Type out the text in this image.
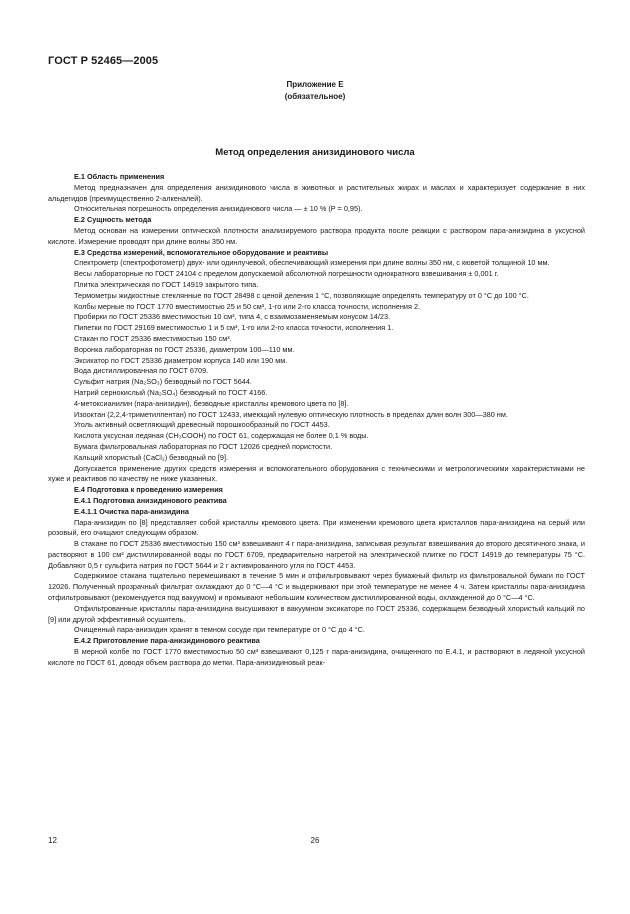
ГОСТ Р 52465—2005
Приложение Е
(обязательное)
Метод определения анизидинового числа

Е.1 Область применения

Метод предназначен для определения анизидинового числа в животных и растительных жирах и маслах и характеризует содержание в них альдегидов (преимущественно 2-алкеналей).

Относительная погрешность определения анизидинового числа — ± 10 % (P = 0,95).

Е.2 Сущность метода

Метод основан на измерении оптической плотности анализируемого раствора продукта после реакции с раствором пара-анизидина в уксусной кислоте. Измерение проводят при длине волны 350 нм.

Е.3 Средства измерений, вспомогательное оборудование и реактивы

Спектрометр (спектрофотометр) двух- или одинлучевой, обеспечивающий измерения при длине волны 350 нм, с кюветой толщиной 10 мм.

Весы лабораторные по ГОСТ 24104 с пределом допускаемой абсолютной погрешности однократного взвешивания ± 0,001 г.

Плитка электрическая по ГОСТ 14919 закрытого типа.

Термометры жидкостные стеклянные по ГОСТ 28498 с ценой деления 1 °С, позволяющие определять температуру от 0 °С до 100 °С.

Колбы мерные по ГОСТ 1770 вместимостью 25 и 50 см³, 1-го или 2-го класса точности, исполнения 2.

Пробирки по ГОСТ 25336 вместимостью 10 см³, типа 4, с взаимозаменяемым конусом 14/23.

Пипетки по ГОСТ 29169 вместимостью 1 и 5 см³, 1-го или 2-го класса точности, исполнения 1.

Стакан по ГОСТ 25336 вместимостью 150 см³.

Воронка лабораторная по ГОСТ 25336, диаметром 100—110 мм.

Эксикатор по ГОСТ 25336 диаметром корпуса 140 или 190 мм.

Вода дистиллированная по ГОСТ 6709.

Сульфит натрия (Na₂SO₃) безводный по ГОСТ 5644.

Натрий сернокислый (Na₂SO₄) безводный по ГОСТ 4166.

4-метоксианилин (пара-анизидин), безводные кристаллы кремового цвета по [8].

Изооктан (2,2,4-триметилпентан) по ГОСТ 12433, имеющий нулевую оптическую плотность в пределах длин волн 300—380 нм.

Уголь активный осветляющий древесный порошкообразный по ГОСТ 4453.

Кислота уксусная ледяная (CH₃COOH) по ГОСТ 61, содержащая не более 0,1 % воды.

Бумага фильтровальная лабораторная по ГОСТ 12026 средней пористости.

Кальций хлористый (CaCl₂) безводный по [9].

Допускается применение других средств измерения и вспомогательного оборудования с техническими и метрологическими характеристиками не хуже и реактивов по качеству не ниже указанных.

Е.4 Подготовка к проведению измерения

Е.4.1 Подготовка анизидинового реактива

Е.4.1.1 Очистка пара-анизидина

Пара-анизидин по [8] представляет собой кристаллы кремового цвета. При изменении кремового цвета кристаллов пара-анизидина на серый или розовый, его очищают следующим образом.

В стакане по ГОСТ 25336 вместимостью 150 см³ взвешивают 4 г пара-анизидина, записывая результат взвешивания до второго десятичного знака, и растворяют в 100 см³ дистиллированной воды по ГОСТ 6709, предварительно нагретой на электрической плитке по ГОСТ 14919 до температуры 75 °С. Добавляют 0,5 г сульфита натрия по ГОСТ 5644 и 2 г активированного угля по ГОСТ 4453.

Содержимое стакана тщательно перемешивают в течение 5 мин и отфильтровывают через бумажный фильтр из фильтровальной бумаги по ГОСТ 12026. Полученный прозрачный фильтрат охлаждают до 0 °С—4 °С и выдерживают при этой температуре не менее 4 ч. Затем кристаллы пара-анизидина отфильтровывают (рекомендуется под вакуумом) и промывают небольшим количеством дистиллированной воды, охлажденной до 0 °С—4 °С.

Отфильтрованные кристаллы пара-анизидина высушивают в вакуумном эксикаторе по ГОСТ 25336, содержащем безводный хлористый кальций по [9] или другой эффективный осушитель.

Очищенный пара-анизидин хранят в темном сосуде при температуре от 0 °С до 4 °С.

Е.4.2 Приготовление пара-анизидинового реактива

В мерной колбе по ГОСТ 1770 вместимостью 50 см³ взвешивают 0,125 г пара-анизидина, очищенного по Е.4.1, и растворяют в ледяной уксусной кислоте по ГОСТ 61, доводя объем раствора до метки. Пара-анизидиновый реак-

12	26
